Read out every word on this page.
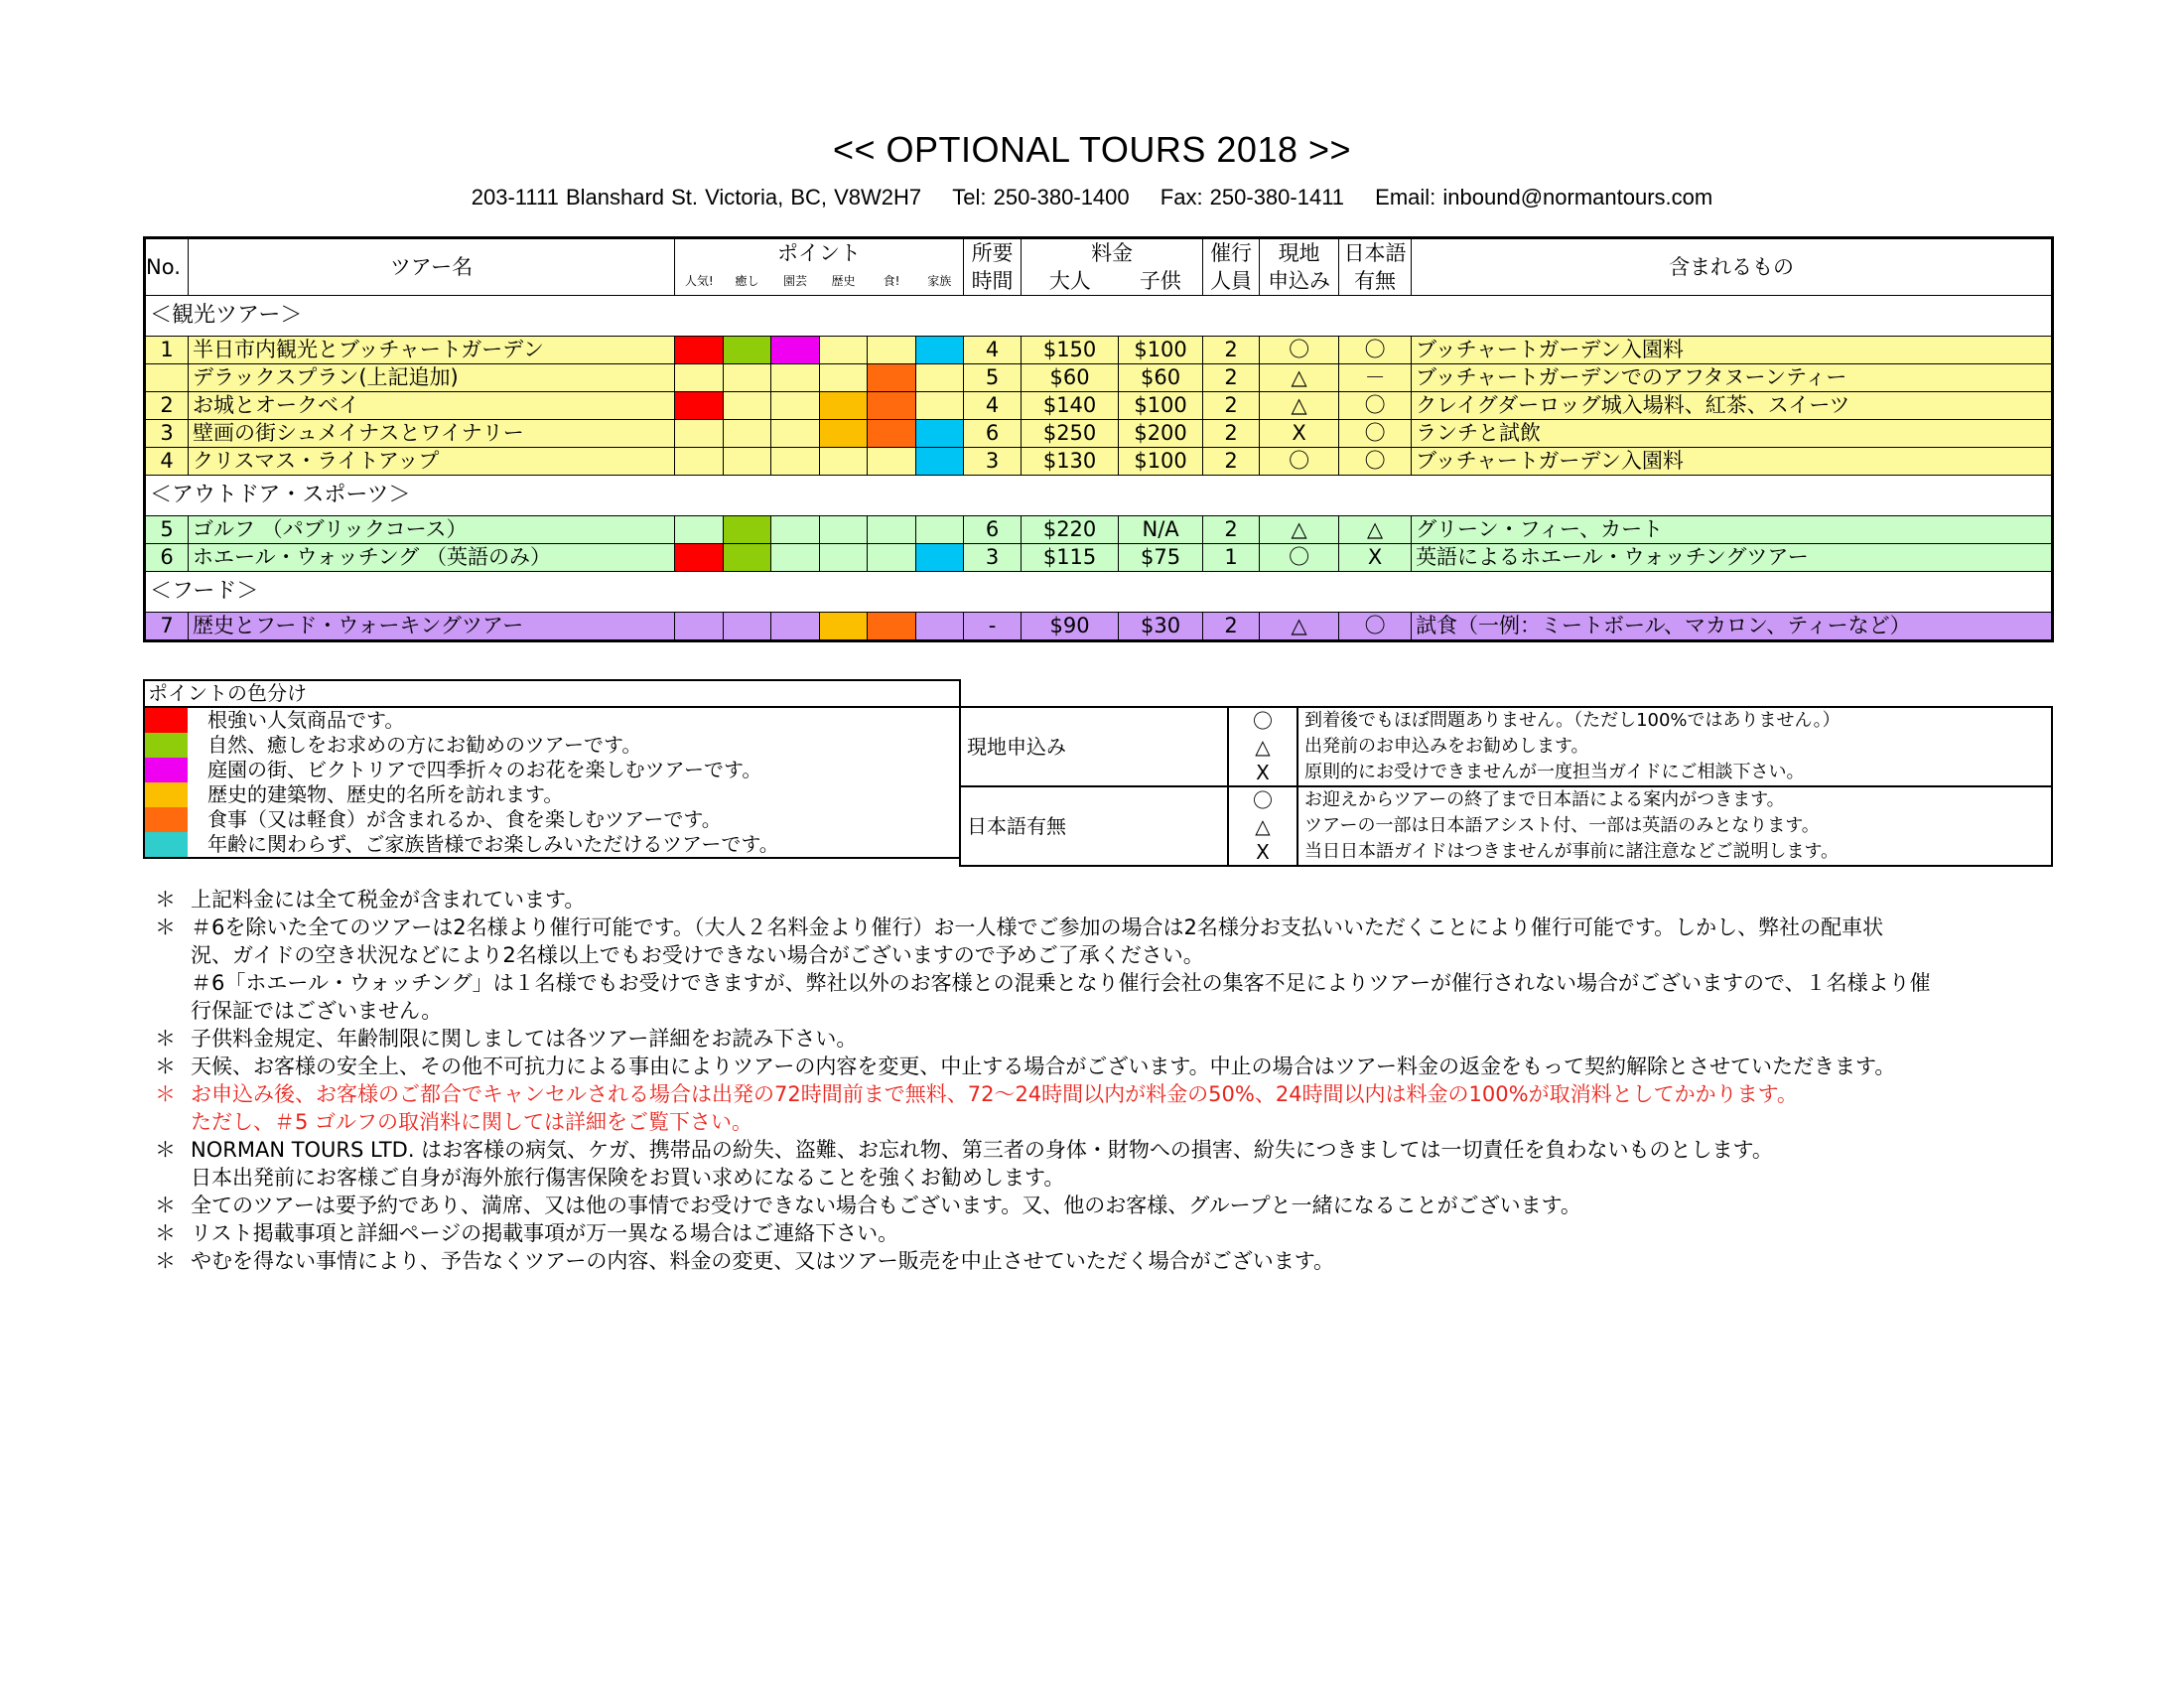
<< OPTIONAL TOURS 2018 >>
203-1111 Blanshard St. Victoria, BC, V8W2H7 Tel: 250-380-1400 Fax: 250-380-1411 Email: inbound@normantours.com
No.	ツアー名	ポイント						所要	料金		催行	現地	日本語	含まれるもの
		人気!	癒し	園芸	歴史	食!	家族	時間	大人	子供	人員	申込み	有無	
＜観光ツアー＞														
1	半日市内観光とブッチャートガーデン							4	$150	$100	2	〇	〇	ブッチャートガーデン入園料
	デラックスプラン(上記追加)							5	$60	$60	2	△	－	ブッチャートガーデンでのアフタヌーンティー
2	お城とオークベイ							4	$140	$100	2	△	〇	クレイグダーロッグ城入場料、紅茶、スイーツ
3	壁画の街シュメイナスとワイナリー							6	$250	$200	2	X	〇	ランチと試飲
4	クリスマス・ライトアップ							3	$130	$100	2	〇	〇	ブッチャートガーデン入園料
＜アウトドア・スポーツ＞														
5	ゴルフ （パブリックコース）							6	$220	N/A	2	△	△	グリーン・フィー、カート
6	ホエール・ウォッチング （英語のみ）							3	$115	$75	1	〇	X	英語によるホエール・ウォッチングツアー
＜フード＞														
7	歴史とフード・ウォーキングツアー							-	$90	$30	2	△	〇	試食（一例：ミートボール、マカロン、ティーなど）
ポイントの色分け	
	根強い人気商品です。
	自然、癒しをお求めの方にお勧めのツアーです。
	庭園の街、ビクトリアで四季折々のお花を楽しむツアーです。
	歴史的建築物、歴史的名所を訪れます。
	食事（又は軽食）が含まれるか、食を楽しむツアーです。
	年齢に関わらず、ご家族皆様でお楽しみいただけるツアーです。
現地申込み	〇	到着後でもほぼ問題ありません。（ただし100%ではありません。）
	△	出発前のお申込みをお勧めします。
	X	原則的にお受けできませんが一度担当ガイドにご相談下さい。
日本語有無	〇	お迎えからツアーの終了まで日本語による案内がつきます。
	△	ツアーの一部は日本語アシスト付、一部は英語のみとなります。
	X	当日日本語ガイドはつきませんが事前に諸注意などご説明します。
＊ 上記料金には全て税金が含まれています。
＊ ＃6を除いた全てのツアーは2名様より催行可能です。（大人２名料金より催行）お一人様でご参加の場合は2名様分お支払いいただくことにより催行可能です。しかし、弊社の配車状
況、ガイドの空き状況などにより2名様以上でもお受けできない場合がございますので予めご了承ください。
＃6「ホエール・ウォッチング」は１名様でもお受けできますが、弊社以外のお客様との混乗となり催行会社の集客不足によりツアーが催行されない場合がございますので、１名様より催
行保証ではございません。
＊ 子供料金規定、年齢制限に関しましては各ツアー詳細をお読み下さい。
＊ 天候、お客様の安全上、その他不可抗力による事由によりツアーの内容を変更、中止する場合がございます。中止の場合はツアー料金の返金をもって契約解除とさせていただきます。
＊ お申込み後、お客様のご都合でキャンセルされる場合は出発の72時間前まで無料、72～24時間以内が料金の50%、24時間以内は料金の100%が取消料としてかかります。
ただし、＃5 ゴルフの取消料に関しては詳細をご覧下さい。
＊ NORMAN TOURS LTD. はお客様の病気、ケガ、携帯品の紛失、盗難、お忘れ物、第三者の身体・財物への損害、紛失につきましては一切責任を負わないものとします。
日本出発前にお客様ご自身が海外旅行傷害保険をお買い求めになることを強くお勧めします。
＊ 全てのツアーは要予約であり、満席、又は他の事情でお受けできない場合もございます。又、他のお客様、グループと一緒になることがございます。
＊ リスト掲載事項と詳細ページの掲載事項が万一異なる場合はご連絡下さい。
＊ やむを得ない事情により、予告なくツアーの内容、料金の変更、又はツアー販売を中止させていただく場合がございます。
